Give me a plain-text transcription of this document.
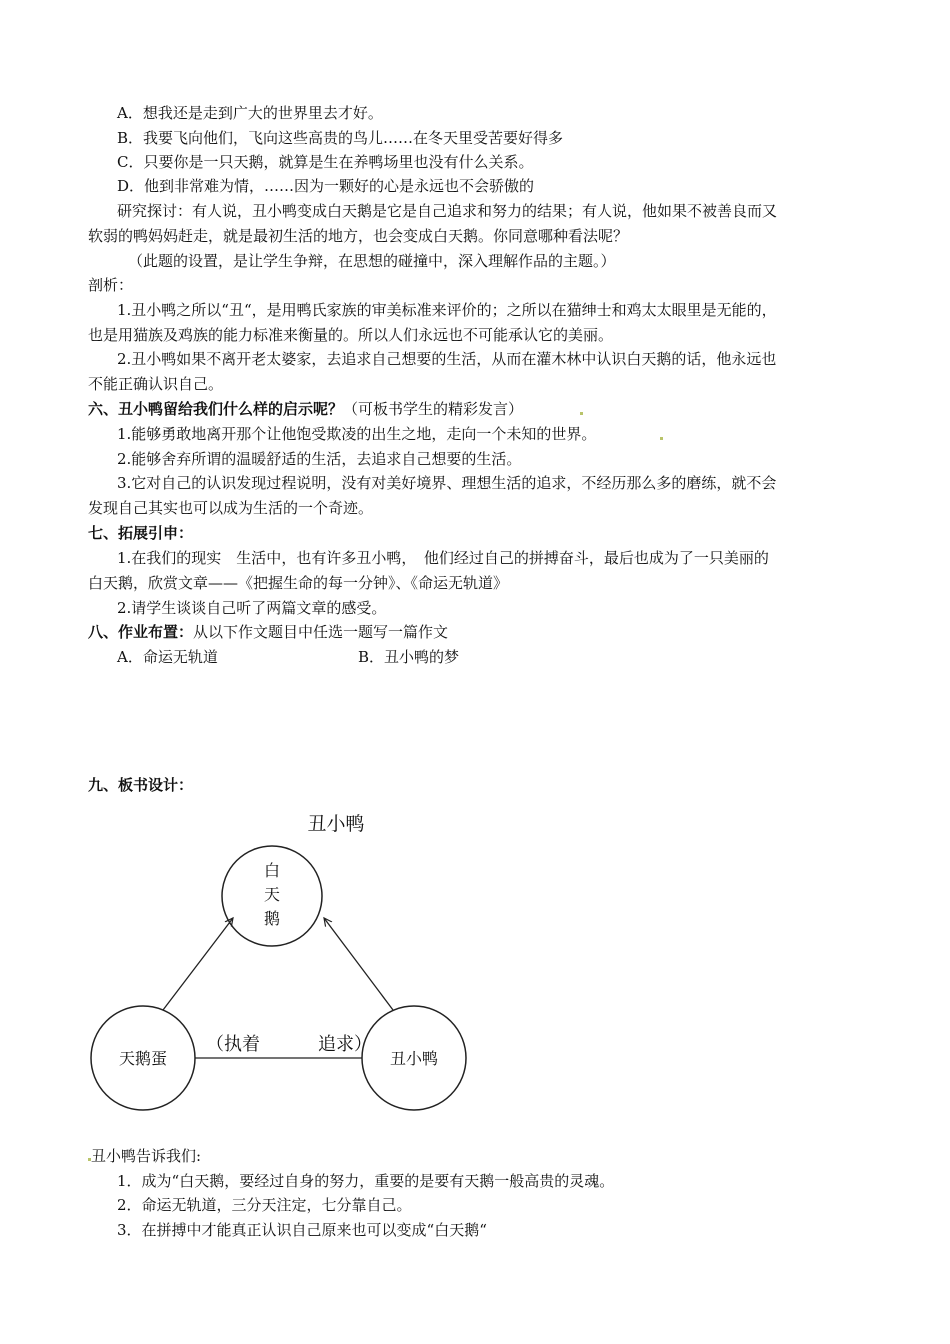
A．想我还是走到广大的世界里去才好。
B．我要飞向他们，飞向这些高贵的鸟儿……在冬天里受苦要好得多
C．只要你是一只天鹅，就算是生在养鸭场里也没有什么关系。
D．他到非常难为情，……因为一颗好的心是永远也不会骄傲的
研究探讨：有人说，丑小鸭变成白天鹅是它是自己追求和努力的结果；有人说，他如果不被善良而又
软弱的鸭妈妈赶走，就是最初生活的地方，也会变成白天鹅。你同意哪种看法呢？
（此题的设置，是让学生争辩，在思想的碰撞中，深入理解作品的主题。）
剖析：
1.丑小鸭之所以“丑“，是用鸭氏家族的审美标准来评价的；之所以在猫绅士和鸡太太眼里是无能的，
也是用猫族及鸡族的能力标准来衡量的。所以人们永远也不可能承认它的美丽。
2.丑小鸭如果不离开老太婆家，去追求自己想要的生活，从而在灌木林中认识白天鹅的话，他永远也
不能正确认识自己。
六、丑小鸭留给我们什么样的启示呢？（可板书学生的精彩发言）
1.能够勇敢地离开那个让他饱受欺凌的出生之地，走向一个未知的世界。
2.能够舍弃所谓的温暖舒适的生活，去追求自己想要的生活。
3.它对自己的认识发现过程说明，没有对美好境界、理想生活的追求，不经历那么多的磨练，就不会
发现自己其实也可以成为生活的一个奇迹。
七、拓展引申：
1.在我们的现实　生活中，也有许多丑小鸭，　他们经过自己的拼搏奋斗，最后也成为了一只美丽的
白天鹅，欣赏文章——《把握生命的每一分钟》、《命运无轨道》
2.请学生谈谈自己听了两篇文章的感受。
八、作业布置：从以下作文题目中任选一题写一篇作文
A．命运无轨道	B．丑小鸭的梦
九、板书设计：
丑小鸭
白
天
鹅
天鹅蛋	丑小鸭
（执着	追求）
丑小鸭告诉我们:
1．成为“白天鹅，要经过自身的努力，重要的是要有天鹅一般高贵的灵魂。
2．命运无轨道，三分天注定，七分靠自己。
3．在拼搏中才能真正认识自己原来也可以变成“白天鹅“
